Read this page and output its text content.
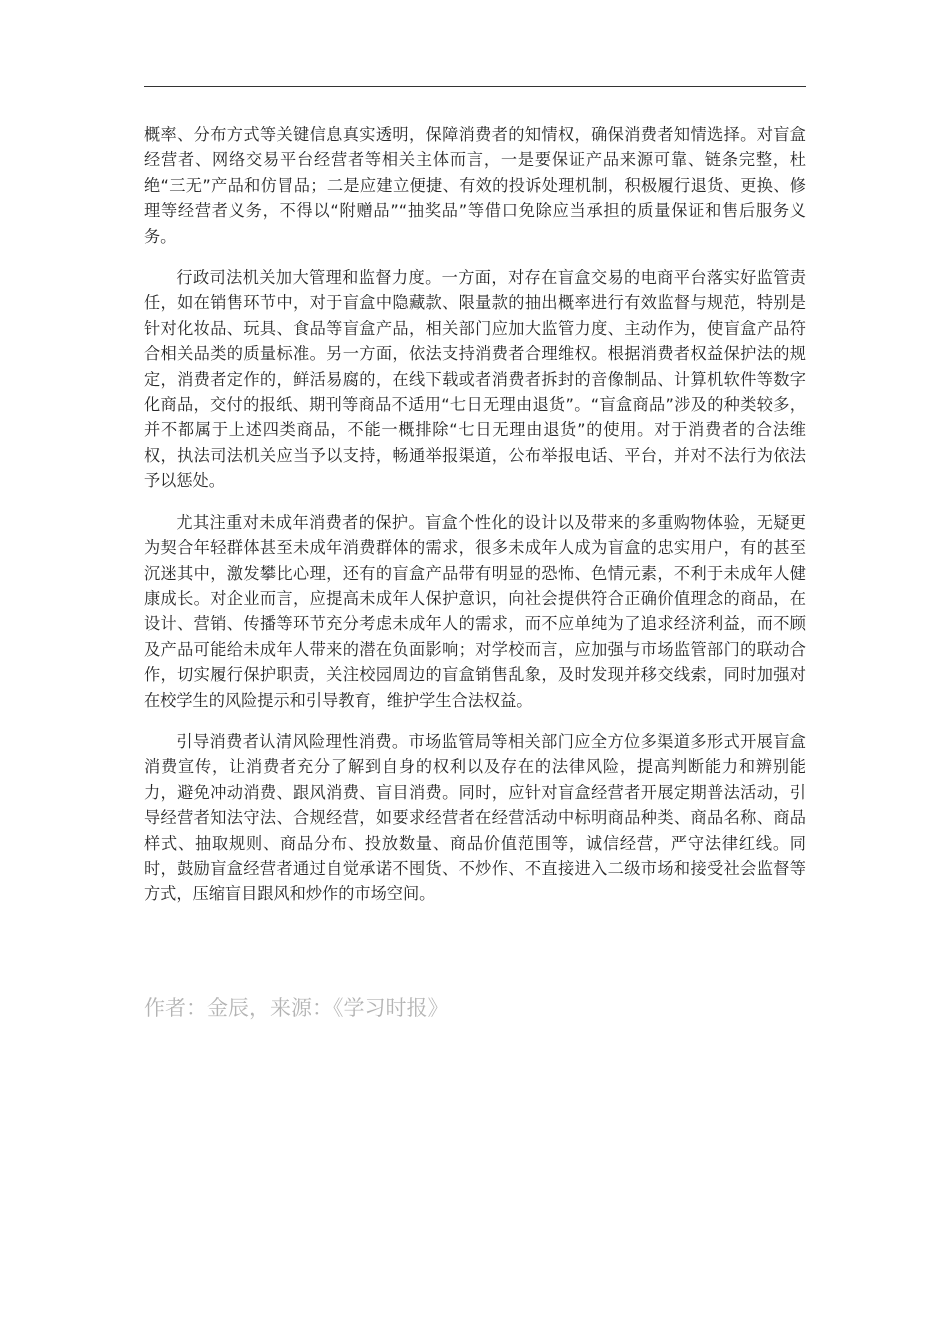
概率、分布方式等关键信息真实透明，保障消费者的知情权，确保消费者知情选择。对盲盒经营者、网络交易平台经营者等相关主体而言，一是要保证产品来源可靠、链条完整，杜绝“三无”产品和仿冒品；二是应建立便捷、有效的投诉处理机制，积极履行退货、更换、修理等经营者义务，不得以“附赠品”“抽奖品”等借口免除应当承担的质量保证和售后服务义务。

行政司法机关加大管理和监督力度。一方面，对存在盲盒交易的电商平台落实好监管责任，如在销售环节中，对于盲盒中隐藏款、限量款的抽出概率进行有效监督与规范，特别是针对化妆品、玩具、食品等盲盒产品，相关部门应加大监管力度、主动作为，使盲盒产品符合相关品类的质量标准。另一方面，依法支持消费者合理维权。根据消费者权益保护法的规定，消费者定作的，鲜活易腐的，在线下载或者消费者拆封的音像制品、计算机软件等数字化商品，交付的报纸、期刊等商品不适用“七日无理由退货”。“盲盒商品”涉及的种类较多，并不都属于上述四类商品，不能一概排除“七日无理由退货”的使用。对于消费者的合法维权，执法司法机关应当予以支持，畅通举报渠道，公布举报电话、平台，并对不法行为依法予以惩处。

尤其注重对未成年消费者的保护。盲盒个性化的设计以及带来的多重购物体验，无疑更为契合年轻群体甚至未成年消费群体的需求，很多未成年人成为盲盒的忠实用户，有的甚至沉迷其中，激发攀比心理，还有的盲盒产品带有明显的恐怖、色情元素，不利于未成年人健康成长。对企业而言，应提高未成年人保护意识，向社会提供符合正确价值理念的商品，在设计、营销、传播等环节充分考虑未成年人的需求，而不应单纯为了追求经济利益，而不顾及产品可能给未成年人带来的潜在负面影响；对学校而言，应加强与市场监管部门的联动合作，切实履行保护职责，关注校园周边的盲盒销售乱象，及时发现并移交线索，同时加强对在校学生的风险提示和引导教育，维护学生合法权益。

引导消费者认清风险理性消费。市场监管局等相关部门应全方位多渠道多形式开展盲盒消费宣传，让消费者充分了解到自身的权利以及存在的法律风险，提高判断能力和辨别能力，避免冲动消费、跟风消费、盲目消费。同时，应针对盲盒经营者开展定期普法活动，引导经营者知法守法、合规经营，如要求经营者在经营活动中标明商品种类、商品名称、商品样式、抽取规则、商品分布、投放数量、商品价值范围等，诚信经营，严守法律红线。同时，鼓励盲盒经营者通过自觉承诺不囤货、不炒作、不直接进入二级市场和接受社会监督等方式，压缩盲目跟风和炒作的市场空间。

作者：金辰，来源：《学习时报》
